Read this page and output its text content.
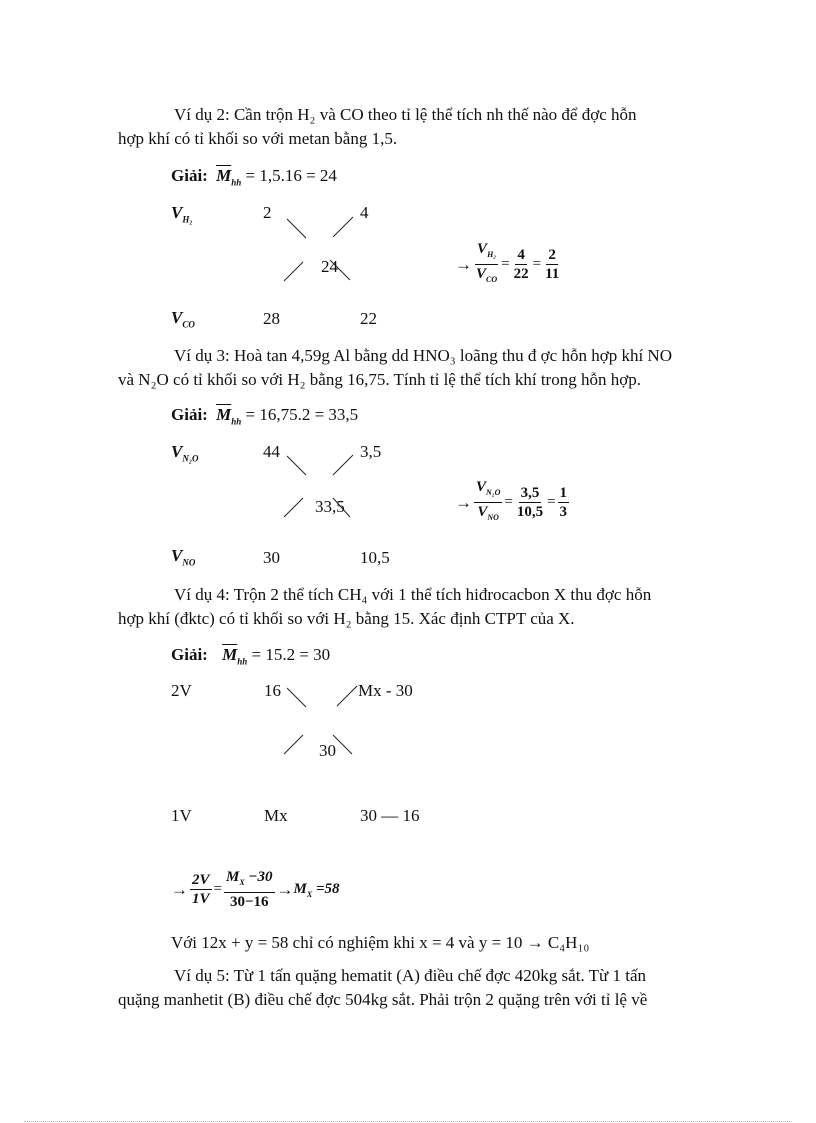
Ví dụ 2: Cần trộn H₂ và CO theo tỉ lệ thể tích nh thế nào để đợc hỗn
hợp khí có tỉ khối so với metan bằng 1,5.
Giải: $\overline{M}_{hh} = 1,5.16 = 24$
$V_{H_2}$	2	4
24
$V_{CO}$	28	22
→
$V_{H_2}$
$V_{CO}$
= $\frac{4}{22} = \frac{2}{11}$
Ví dụ 3: Hoà tan 4,59g Al bằng dd HNO₃ loãng thu đ ợc hỗn hợp khí NO
và N₂O có tỉ khối so với H₂ bằng 16,75. Tính tỉ lệ thể tích khí trong hỗn hợp.
Giải: $\overline{M}_{hh} = 16,75.2 = 33,5$
$V_{N_2O}$	44	3,5
33,5
$V_{NO}$	30	10,5
→
$V_{N_2O}$
$V_{NO}$
= $\frac{3,5}{10,5} = \frac{1}{3}$
Ví dụ 4: Trộn 2 thể tích CH₄ với 1 thể tích hiđrocacbon X thu đợc hỗn
hợp khí (đktc) có tỉ khối so với H₂ bằng 15. Xác định CTPT của X.
Giải: $\overline{M}_{hh} = 15.2 = 30$
2V	16	Mx - 30
30
1V	Mx	30 — 16
→ $\frac{2V}{1V} = \frac{M_X -30}{30-16} \to M_X =58$
Với 12x + y = 58 chỉ có nghiệm khi x = 4 và y = 10 → C₄H₁₀
Ví dụ 5: Từ 1 tấn quặng hematit (A) điều chế đợc 420kg sắt. Từ 1 tấn
quặng manhetit (B) điều chế đợc 504kg sắt. Phải trộn 2 quặng trên với tỉ lệ về
